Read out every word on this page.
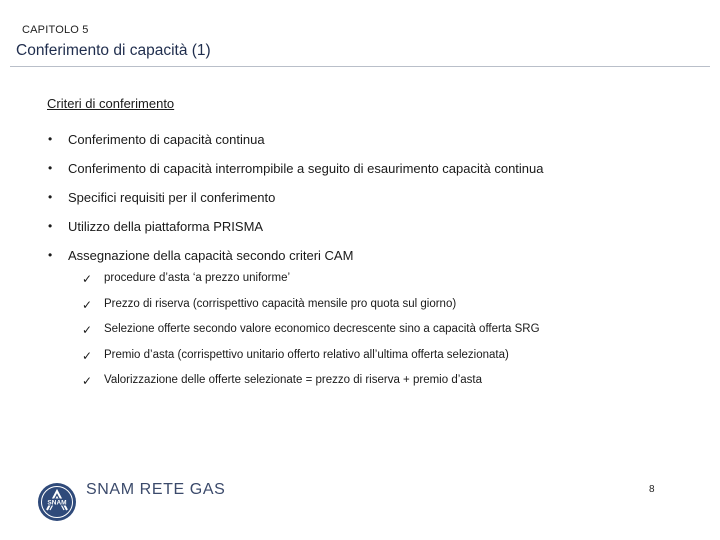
CAPITOLO 5
Conferimento di capacità (1)
Criteri di conferimento
•	Conferimento di capacità continua
•	Conferimento di capacità interrompibile a seguito di esaurimento capacità continua
•	Specifici requisiti per il conferimento
•	Utilizzo della piattaforma PRISMA
•	Assegnazione della capacità secondo criteri CAM
✓	procedure d’asta ‘a prezzo uniforme’
✓	Prezzo di riserva (corrispettivo capacità mensile pro quota sul giorno)
✓	Selezione offerte secondo valore economico decrescente sino a capacità offerta SRG
✓	Premio d’asta (corrispettivo unitario offerto relativo all’ultima offerta selezionata)
✓	Valorizzazione delle offerte selezionate = prezzo di riserva + premio d’asta
SNAM
SNAM RETE GAS	8
